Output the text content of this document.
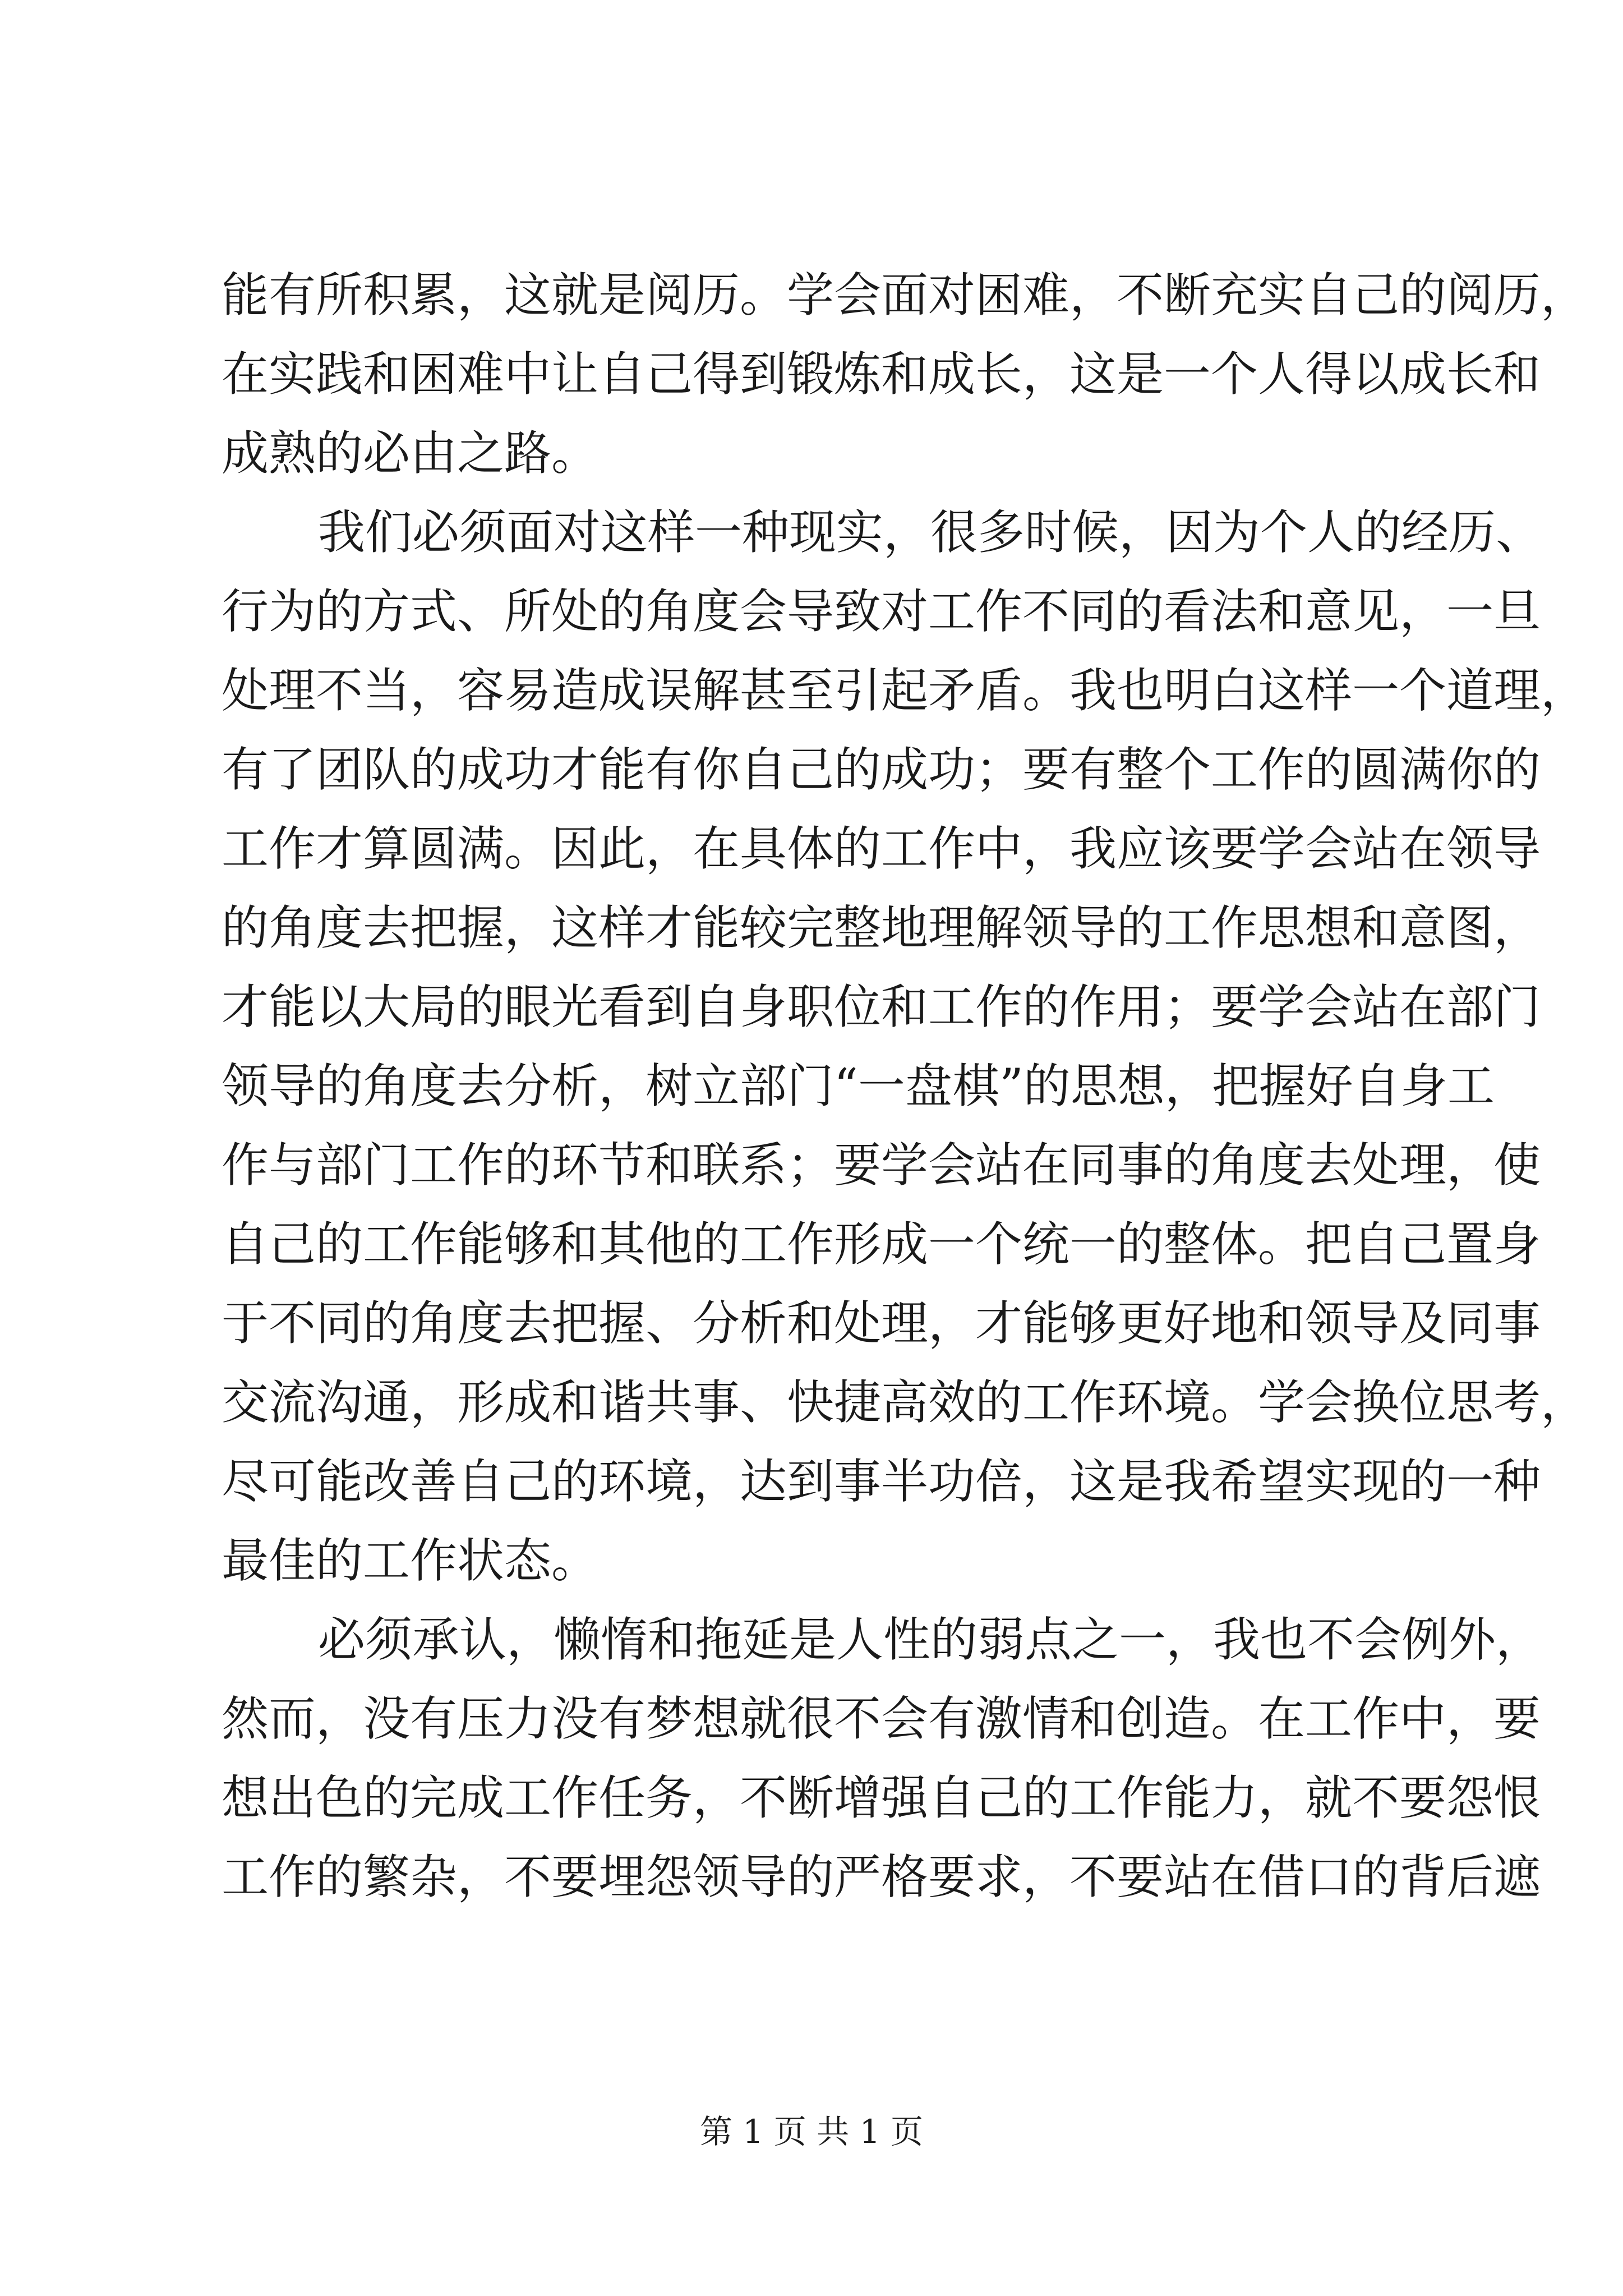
能有所积累，这就是阅历。学会面对困难，不断充实自己的阅历，
在实践和困难中让自己得到锻炼和成长，这是一个人得以成长和
成熟的必由之路。
我们必须面对这样一种现实，很多时候，因为个人的经历、
行为的方式、所处的角度会导致对工作不同的看法和意见，一旦
处理不当，容易造成误解甚至引起矛盾。我也明白这样一个道理，
有了团队的成功才能有你自己的成功；要有整个工作的圆满你的
工作才算圆满。因此，在具体的工作中，我应该要学会站在领导
的角度去把握，这样才能较完整地理解领导的工作思想和意图，
才能以大局的眼光看到自身职位和工作的作用；要学会站在部门
领导的角度去分析，树立部门“一盘棋”的思想，把握好自身工
作与部门工作的环节和联系；要学会站在同事的角度去处理，使
自己的工作能够和其他的工作形成一个统一的整体。把自己置身
于不同的角度去把握、分析和处理，才能够更好地和领导及同事
交流沟通，形成和谐共事、快捷高效的工作环境。学会换位思考，
尽可能改善自己的环境，达到事半功倍，这是我希望实现的一种
最佳的工作状态。
必须承认，懒惰和拖延是人性的弱点之一，我也不会例外，
然而，没有压力没有梦想就很不会有激情和创造。在工作中，要
想出色的完成工作任务，不断增强自己的工作能力，就不要怨恨
工作的繁杂，不要埋怨领导的严格要求，不要站在借口的背后遮
第 1 页 共 1 页
